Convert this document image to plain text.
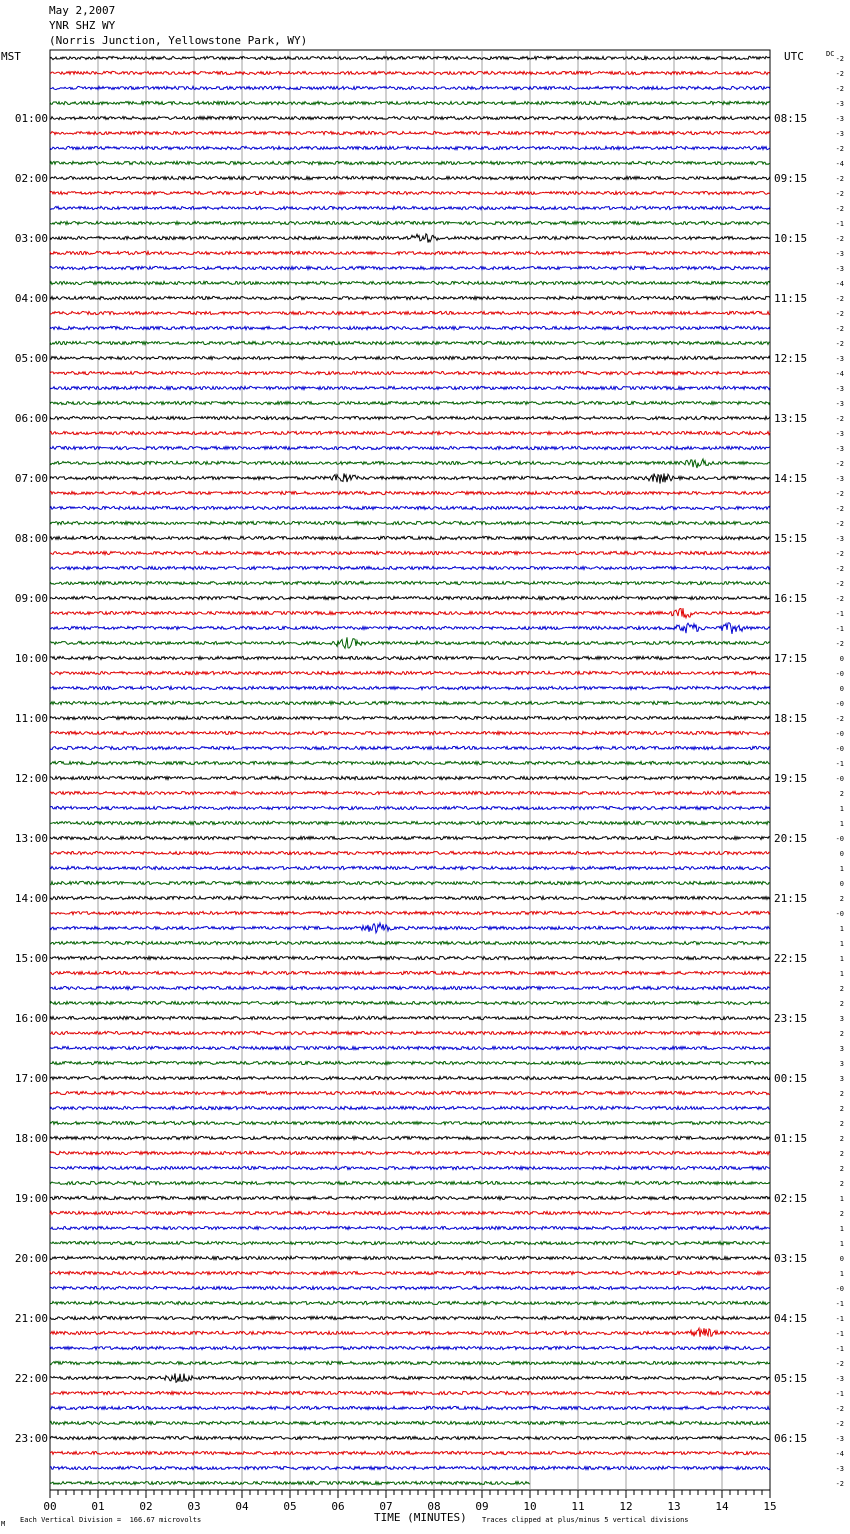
01:00	08:15
02:00	09:15
03:00	10:15
04:00	11:15
05:00	12:15
06:00	13:15
07:00	14:15
08:00	15:15
09:00	16:15
10:00	17:15
11:00	18:15
12:00	19:15
13:00	20:15
14:00	21:15
15:00	22:15
16:00	23:15
17:00	00:15
18:00	01:15
19:00	02:15
20:00	03:15
21:00	04:15
22:00	05:15
23:00	06:15
-2
-2
-2
-3
-3
-3
-2
-4
-2
-2
-2
-1
-2
-3
-3
-4
-2
-2
-2
-2
-3
-4
-3
-3
-2
-3
-3
-2
-3
-2
-2
-2
-3
-2
-2
-2
-2
-1
-1
-2
0
-0
0
-0
-2
-0
-0
-1
-0
2
1
1
-0
0
1
0
2
-0
1
1
1
1
2
2
3
2
3
3
3
2
2
2
2
2
2
2
1
2
1
1
0
1
-0
-1
-1
-1
-1
-2
-3
-1
-2
-2
-3
-4
-3
-2
00	01	02	03	04	05	06	07	08	09	10	11	12	13	14	15
May 2,2007
YNR SHZ WY
(Norris Junction, Yellowstone Park, WY)
MST	UTC	DC
TIME (MINUTES)
Each Vertical Division =  166.67 microvolts	Traces clipped at plus/minus 5 vertical divisions
M
